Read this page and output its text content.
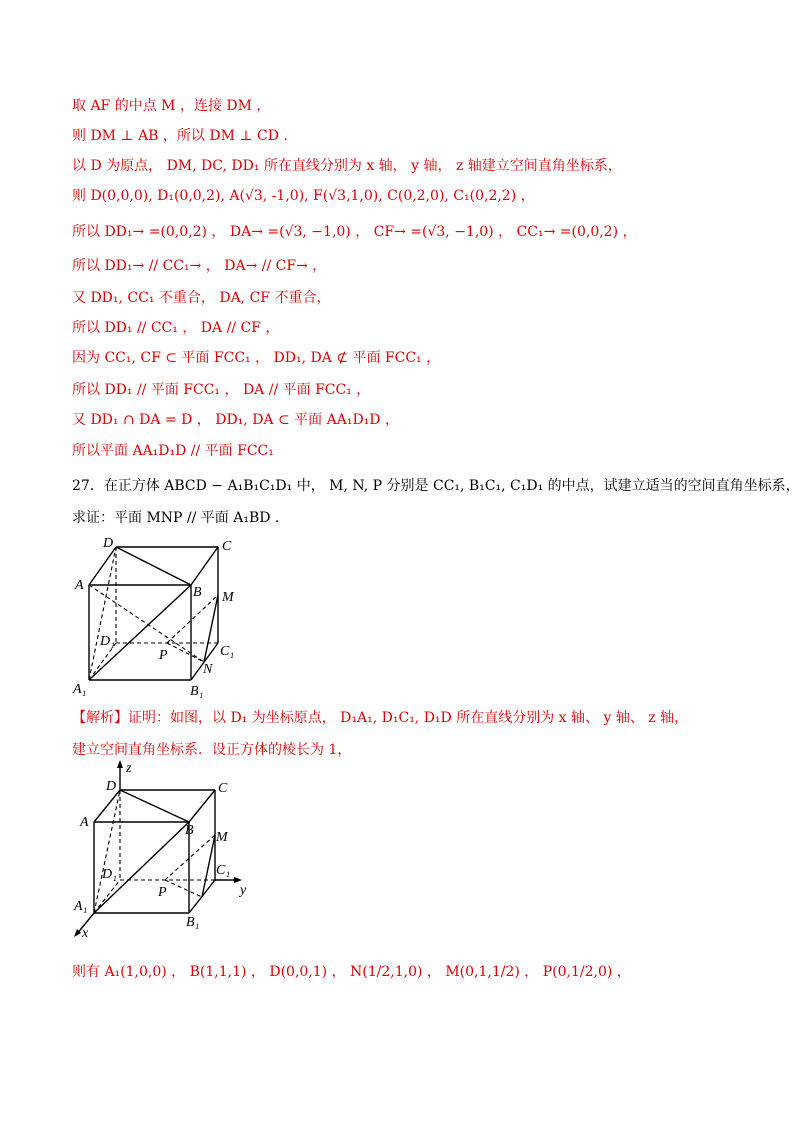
取 AF 的中点 M ，连接 DM ，
则 DM ⊥ AB ，所以 DM ⊥ CD .
以 D 为原点， DM, DC, DD₁ 所在直线分别为 x 轴， y 轴， z 轴建立空间直角坐标系，
则 D(0,0,0), D₁(0,0,2), A(√3, -1,0), F(√3,1,0), C(0,2,0), C₁(0,2,2) ，
所以 DD₁→ =(0,0,2) ， DA→ =(√3, −1,0) ， CF→ =(√3, −1,0) ， CC₁→ =(0,0,2) ，
所以 DD₁→ // CC₁→ ， DA→ // CF→ ，
又 DD₁, CC₁ 不重合， DA, CF 不重合，
所以 DD₁ // CC₁ ， DA // CF ，
因为 CC₁, CF ⊂ 平面 FCC₁ ， DD₁, DA ⊄ 平面 FCC₁ ，
所以 DD₁ // 平面 FCC₁ ， DA // 平面 FCC₁ ，
又 DD₁ ∩ DA = D ， DD₁, DA ⊂ 平面 AA₁D₁D ，
所以平面 AA₁D₁D // 平面 FCC₁
27．在正方体 ABCD − A₁B₁C₁D₁ 中， M, N, P 分别是 CC₁, B₁C₁, C₁D₁ 的中点，试建立适当的空间直角坐标系，
求证：平面 MNP // 平面 A₁BD .
D	C
A	B M
D₁
P	C₁
N
A₁	B₁
【解析】证明：如图，以 D₁ 为坐标原点， D₁A₁, D₁C₁, D₁D 所在直线分别为 x 轴、 y 轴、 z 轴，
建立空间直角坐标系．设正方体的棱长为 1，
z
D	C
A
B M
D₁	C₁
P	y
A₁
B₁
x
则有 A₁(1,0,0) ， B(1,1,1) ， D(0,0,1) ， N(1/2,1,0) ， M(0,1,1/2) ， P(0,1/2,0) ，
